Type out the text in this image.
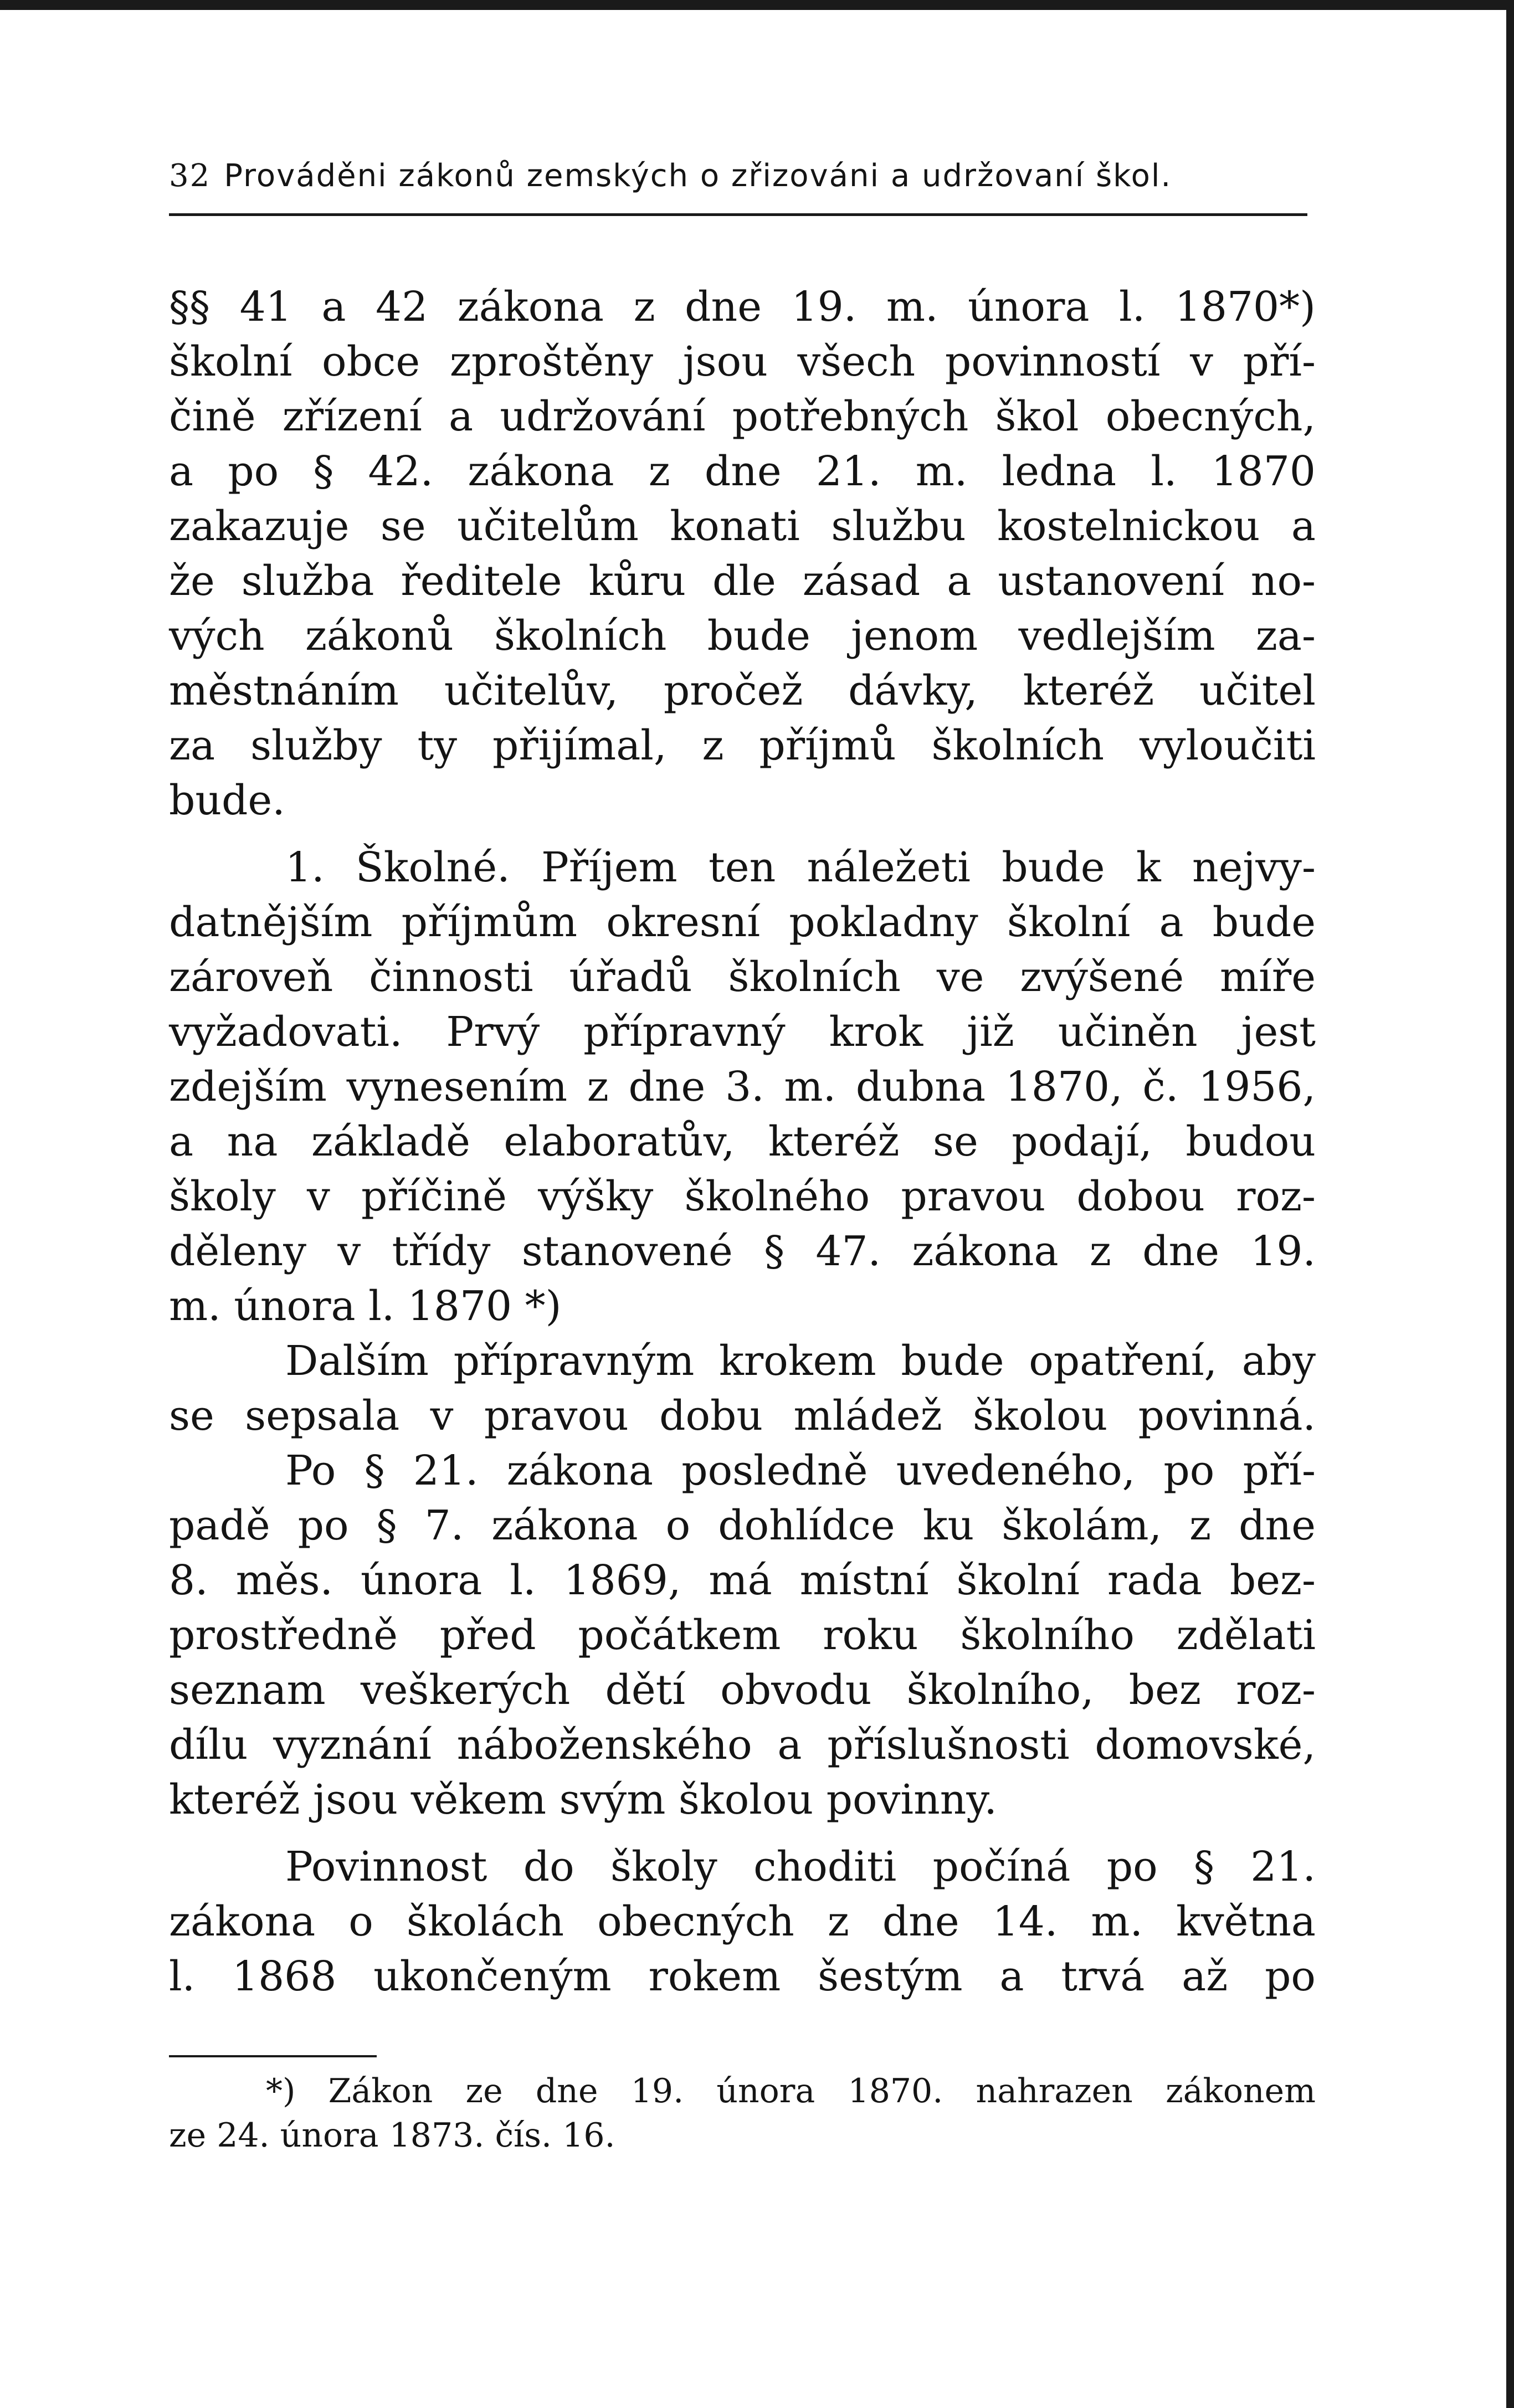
32 Prováděni zákonů zemských o zřizováni a udržovaní škol.
§§ 41 a 42 zákona z dne 19. m. února l. 1870*)
školní obce zproštěny jsou všech povinností v pří-
čině zřízení a udržování potřebných škol obecných,
a po § 42. zákona z dne 21. m. ledna l. 1870
zakazuje se učitelům konati službu kostelnickou a
že služba ředitele kůru dle zásad a ustanovení no-
vých zákonů školních bude jenom vedlejším za-
městnáním učitelův, pročež dávky, kteréž učitel
za služby ty přijímal, z příjmů školních vyloučiti
bude.
1. Školné. Příjem ten náležeti bude k nejvy-
datnějším příjmům okresní pokladny školní a bude
zároveň činnosti úřadů školních ve zvýšené míře
vyžadovati. Prvý přípravný krok již učiněn jest
zdejším vynesením z dne 3. m. dubna 1870, č. 1956,
a na základě elaboratův, kteréž se podají, budou
školy v příčině výšky školného pravou dobou roz-
děleny v třídy stanovené § 47. zákona z dne 19.
m. února l. 1870 *)
Dalším přípravným krokem bude opatření, aby
se sepsala v pravou dobu mládež školou povinná.
Po § 21. zákona posledně uvedeného, po pří-
padě po § 7. zákona o dohlídce ku školám, z dne
8. měs. února l. 1869, má místní školní rada bez-
prostředně před počátkem roku školního zdělati
seznam veškerých dětí obvodu školního, bez roz-
dílu vyznání náboženského a příslušnosti domovské,
kteréž jsou věkem svým školou povinny.
Povinnost do školy choditi počíná po § 21.
zákona o školách obecných z dne 14. m. května
l. 1868 ukončeným rokem šestým a trvá až po
*) Zákon ze dne 19. února 1870. nahrazen zákonem
ze 24. února 1873. čís. 16.
